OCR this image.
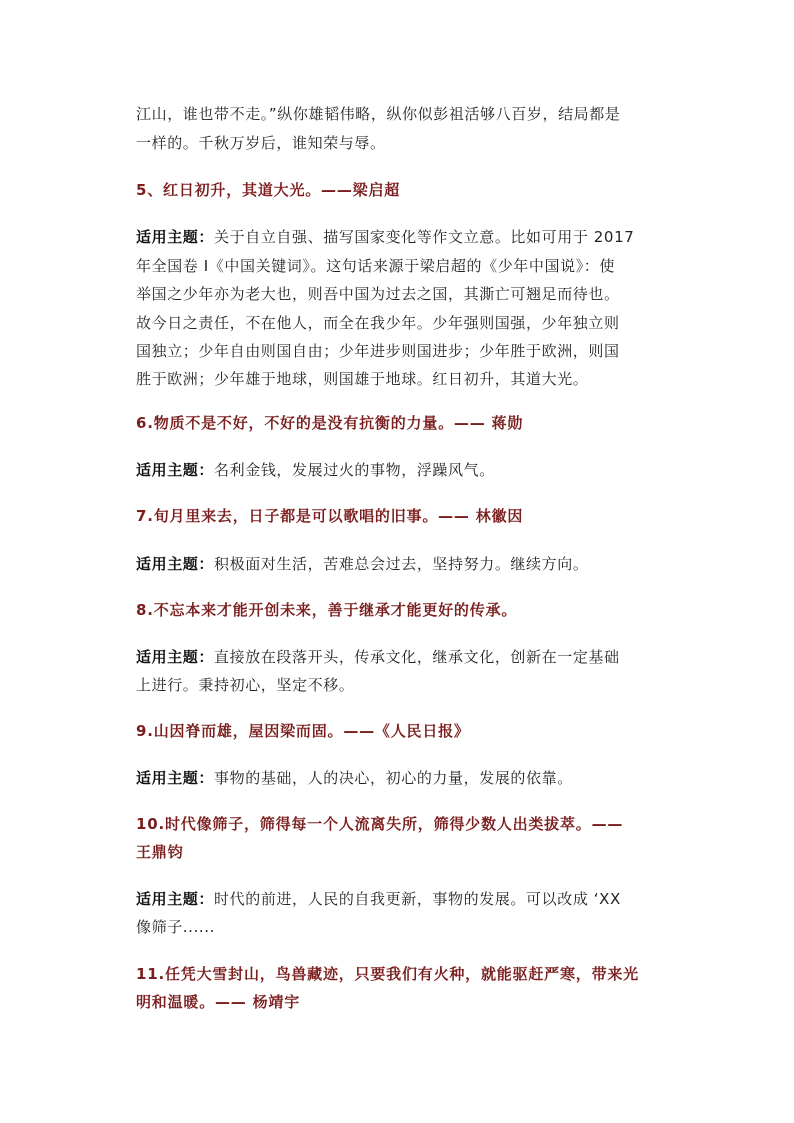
江山，谁也带不走。”纵你雄韬伟略，纵你似彭祖活够八百岁，结局都是
一样的。千秋万岁后，谁知荣与辱。
5、红日初升，其道大光。——梁启超
适用主题：关于自立自强、描写国家变化等作文立意。比如可用于 2017
年全国卷 I《中国关键词》。这句话来源于梁启超的《少年中国说》：使
举国之少年亦为老大也，则吾中国为过去之国，其澌亡可翘足而待也。
故今日之责任，不在他人，而全在我少年。少年强则国强，少年独立则
国独立；少年自由则国自由；少年进步则国进步；少年胜于欧洲，则国
胜于欧洲；少年雄于地球，则国雄于地球。红日初升，其道大光。
6.物质不是不好，不好的是没有抗衡的力量。—— 蒋勋
适用主题：名利金钱，发展过火的事物，浮躁风气。
7.旬月里来去，日子都是可以歌唱的旧事。—— 林徽因
适用主题：积极面对生活，苦难总会过去，坚持努力。继续方向。
8.不忘本来才能开创未来，善于继承才能更好的传承。
适用主题：直接放在段落开头，传承文化，继承文化，创新在一定基础
上进行。秉持初心，坚定不移。
9.山因脊而雄，屋因梁而固。——《人民日报》
适用主题：事物的基础，人的决心，初心的力量，发展的依靠。
10.时代像筛子，筛得每一个人流离失所，筛得少数人出类拔萃。——
王鼎钧
适用主题：时代的前进，人民的自我更新，事物的发展。可以改成 ‘XX
像筛子......
11.任凭大雪封山，鸟兽藏迹，只要我们有火种，就能驱赶严寒，带来光
明和温暖。—— 杨靖宇
